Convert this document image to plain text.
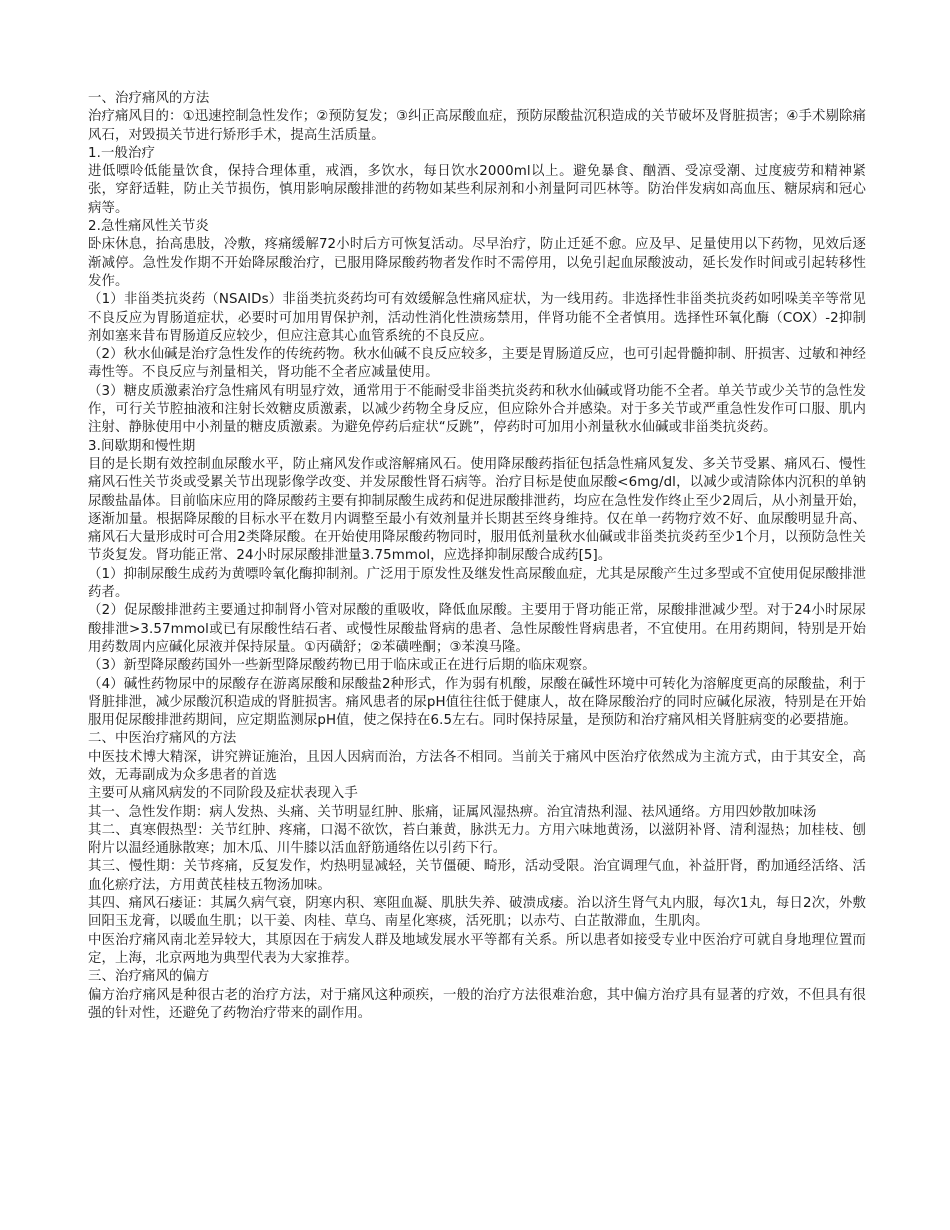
一、治疗痛风的方法

治疗痛风目的：①迅速控制急性发作；②预防复发；③纠正高尿酸血症，预防尿酸盐沉积造成的关节破坏及肾脏损害；④手术剔除痛风石，对毁损关节进行矫形手术，提高生活质量。

1.一般治疗

进低嘌呤低能量饮食，保持合理体重，戒酒，多饮水，每日饮水2000ml以上。避免暴食、酗酒、受凉受潮、过度疲劳和精神紧张，穿舒适鞋，防止关节损伤，慎用影响尿酸排泄的药物如某些利尿剂和小剂量阿司匹林等。防治伴发病如高血压、糖尿病和冠心病等。

2.急性痛风性关节炎

卧床休息，抬高患肢，冷敷，疼痛缓解72小时后方可恢复活动。尽早治疗，防止迁延不愈。应及早、足量使用以下药物，见效后逐渐减停。急性发作期不开始降尿酸治疗，已服用降尿酸药物者发作时不需停用，以免引起血尿酸波动，延长发作时间或引起转移性发作。

（1）非甾类抗炎药（NSAIDs）非甾类抗炎药均可有效缓解急性痛风症状，为一线用药。非选择性非甾类抗炎药如吲哚美辛等常见不良反应为胃肠道症状，必要时可加用胃保护剂，活动性消化性溃疡禁用，伴肾功能不全者慎用。选择性环氧化酶（COX）-2抑制剂如塞来昔布胃肠道反应较少，但应注意其心血管系统的不良反应。

（2）秋水仙碱是治疗急性发作的传统药物。秋水仙碱不良反应较多，主要是胃肠道反应，也可引起骨髓抑制、肝损害、过敏和神经毒性等。不良反应与剂量相关，肾功能不全者应减量使用。

（3）糖皮质激素治疗急性痛风有明显疗效，通常用于不能耐受非甾类抗炎药和秋水仙碱或肾功能不全者。单关节或少关节的急性发作，可行关节腔抽液和注射长效糖皮质激素，以减少药物全身反应，但应除外合并感染。对于多关节或严重急性发作可口服、肌内注射、静脉使用中小剂量的糖皮质激素。为避免停药后症状“反跳”，停药时可加用小剂量秋水仙碱或非甾类抗炎药。

3.间歇期和慢性期

目的是长期有效控制血尿酸水平，防止痛风发作或溶解痛风石。使用降尿酸药指征包括急性痛风复发、多关节受累、痛风石、慢性痛风石性关节炎或受累关节出现影像学改变、并发尿酸性肾石病等。治疗目标是使血尿酸<6mg/dl，以减少或清除体内沉积的单钠尿酸盐晶体。目前临床应用的降尿酸药主要有抑制尿酸生成药和促进尿酸排泄药，均应在急性发作终止至少2周后，从小剂量开始，逐渐加量。根据降尿酸的目标水平在数月内调整至最小有效剂量并长期甚至终身维持。仅在单一药物疗效不好、血尿酸明显升高、痛风石大量形成时可合用2类降尿酸。在开始使用降尿酸药物同时，服用低剂量秋水仙碱或非甾类抗炎药至少1个月，以预防急性关节炎复发。肾功能正常、24小时尿尿酸排泄量3.75mmol，应选择抑制尿酸合成药[5]。

（1）抑制尿酸生成药为黄嘌呤氧化酶抑制剂。广泛用于原发性及继发性高尿酸血症，尤其是尿酸产生过多型或不宜使用促尿酸排泄药者。

（2）促尿酸排泄药主要通过抑制肾小管对尿酸的重吸收，降低血尿酸。主要用于肾功能正常，尿酸排泄减少型。对于24小时尿尿酸排泄>3.57mmol或已有尿酸性结石者、或慢性尿酸盐肾病的患者、急性尿酸性肾病患者，不宜使用。在用药期间，特别是开始用药数周内应碱化尿液并保持尿量。①丙磺舒；②苯磺唑酮；③苯溴马隆。

（3）新型降尿酸药国外一些新型降尿酸药物已用于临床或正在进行后期的临床观察。

（4）碱性药物尿中的尿酸存在游离尿酸和尿酸盐2种形式，作为弱有机酸，尿酸在碱性环境中可转化为溶解度更高的尿酸盐，利于肾脏排泄，减少尿酸沉积造成的肾脏损害。痛风患者的尿pH值往往低于健康人，故在降尿酸治疗的同时应碱化尿液，特别是在开始服用促尿酸排泄药期间，应定期监测尿pH值，使之保持在6.5左右。同时保持尿量，是预防和治疗痛风相关肾脏病变的必要措施。

二、中医治疗痛风的方法

中医技术博大精深，讲究辨证施治，且因人因病而治，方法各不相同。当前关于痛风中医治疗依然成为主流方式，由于其安全，高效，无毒副成为众多患者的首选

主要可从痛风病发的不同阶段及症状表现入手

其一、急性发作期：病人发热、头痛、关节明显红肿、胀痛，证属风湿热痹。治宜清热利湿、祛风通络。方用四妙散加味汤

其二、真寒假热型：关节红肿、疼痛，口渴不欲饮，苔白兼黄，脉洪无力。方用六味地黄汤，以滋阴补肾、清利湿热；加桂枝、刨附片以温经通脉散寒；加木瓜、川牛膝以活血舒筋通络佐以引药下行。

其三、慢性期：关节疼痛，反复发作，灼热明显减轻，关节僵硬、畸形，活动受限。治宜调理气血，补益肝肾，酌加通经活络、活血化瘀疗法，方用黄芪桂枝五物汤加味。

其四、痛风石痿证：其属久病气衰，阴寒内积、寒阻血凝、肌肤失养、破溃成痿。治以济生肾气丸内服，每次1丸，每日2次，外敷回阳玉龙膏，以暖血生肌；以干姜、肉桂、草乌、南星化寒痰，活死肌；以赤芍、白芷散滞血，生肌肉。

中医治疗痛风南北差异较大，其原因在于病发人群及地域发展水平等都有关系。所以患者如接受专业中医治疗可就自身地理位置而定，上海，北京两地为典型代表为大家推荐。

三、治疗痛风的偏方

偏方治疗痛风是种很古老的治疗方法，对于痛风这种顽疾，一般的治疗方法很难治愈，其中偏方治疗具有显著的疗效，不但具有很强的针对性，还避免了药物治疗带来的副作用。
